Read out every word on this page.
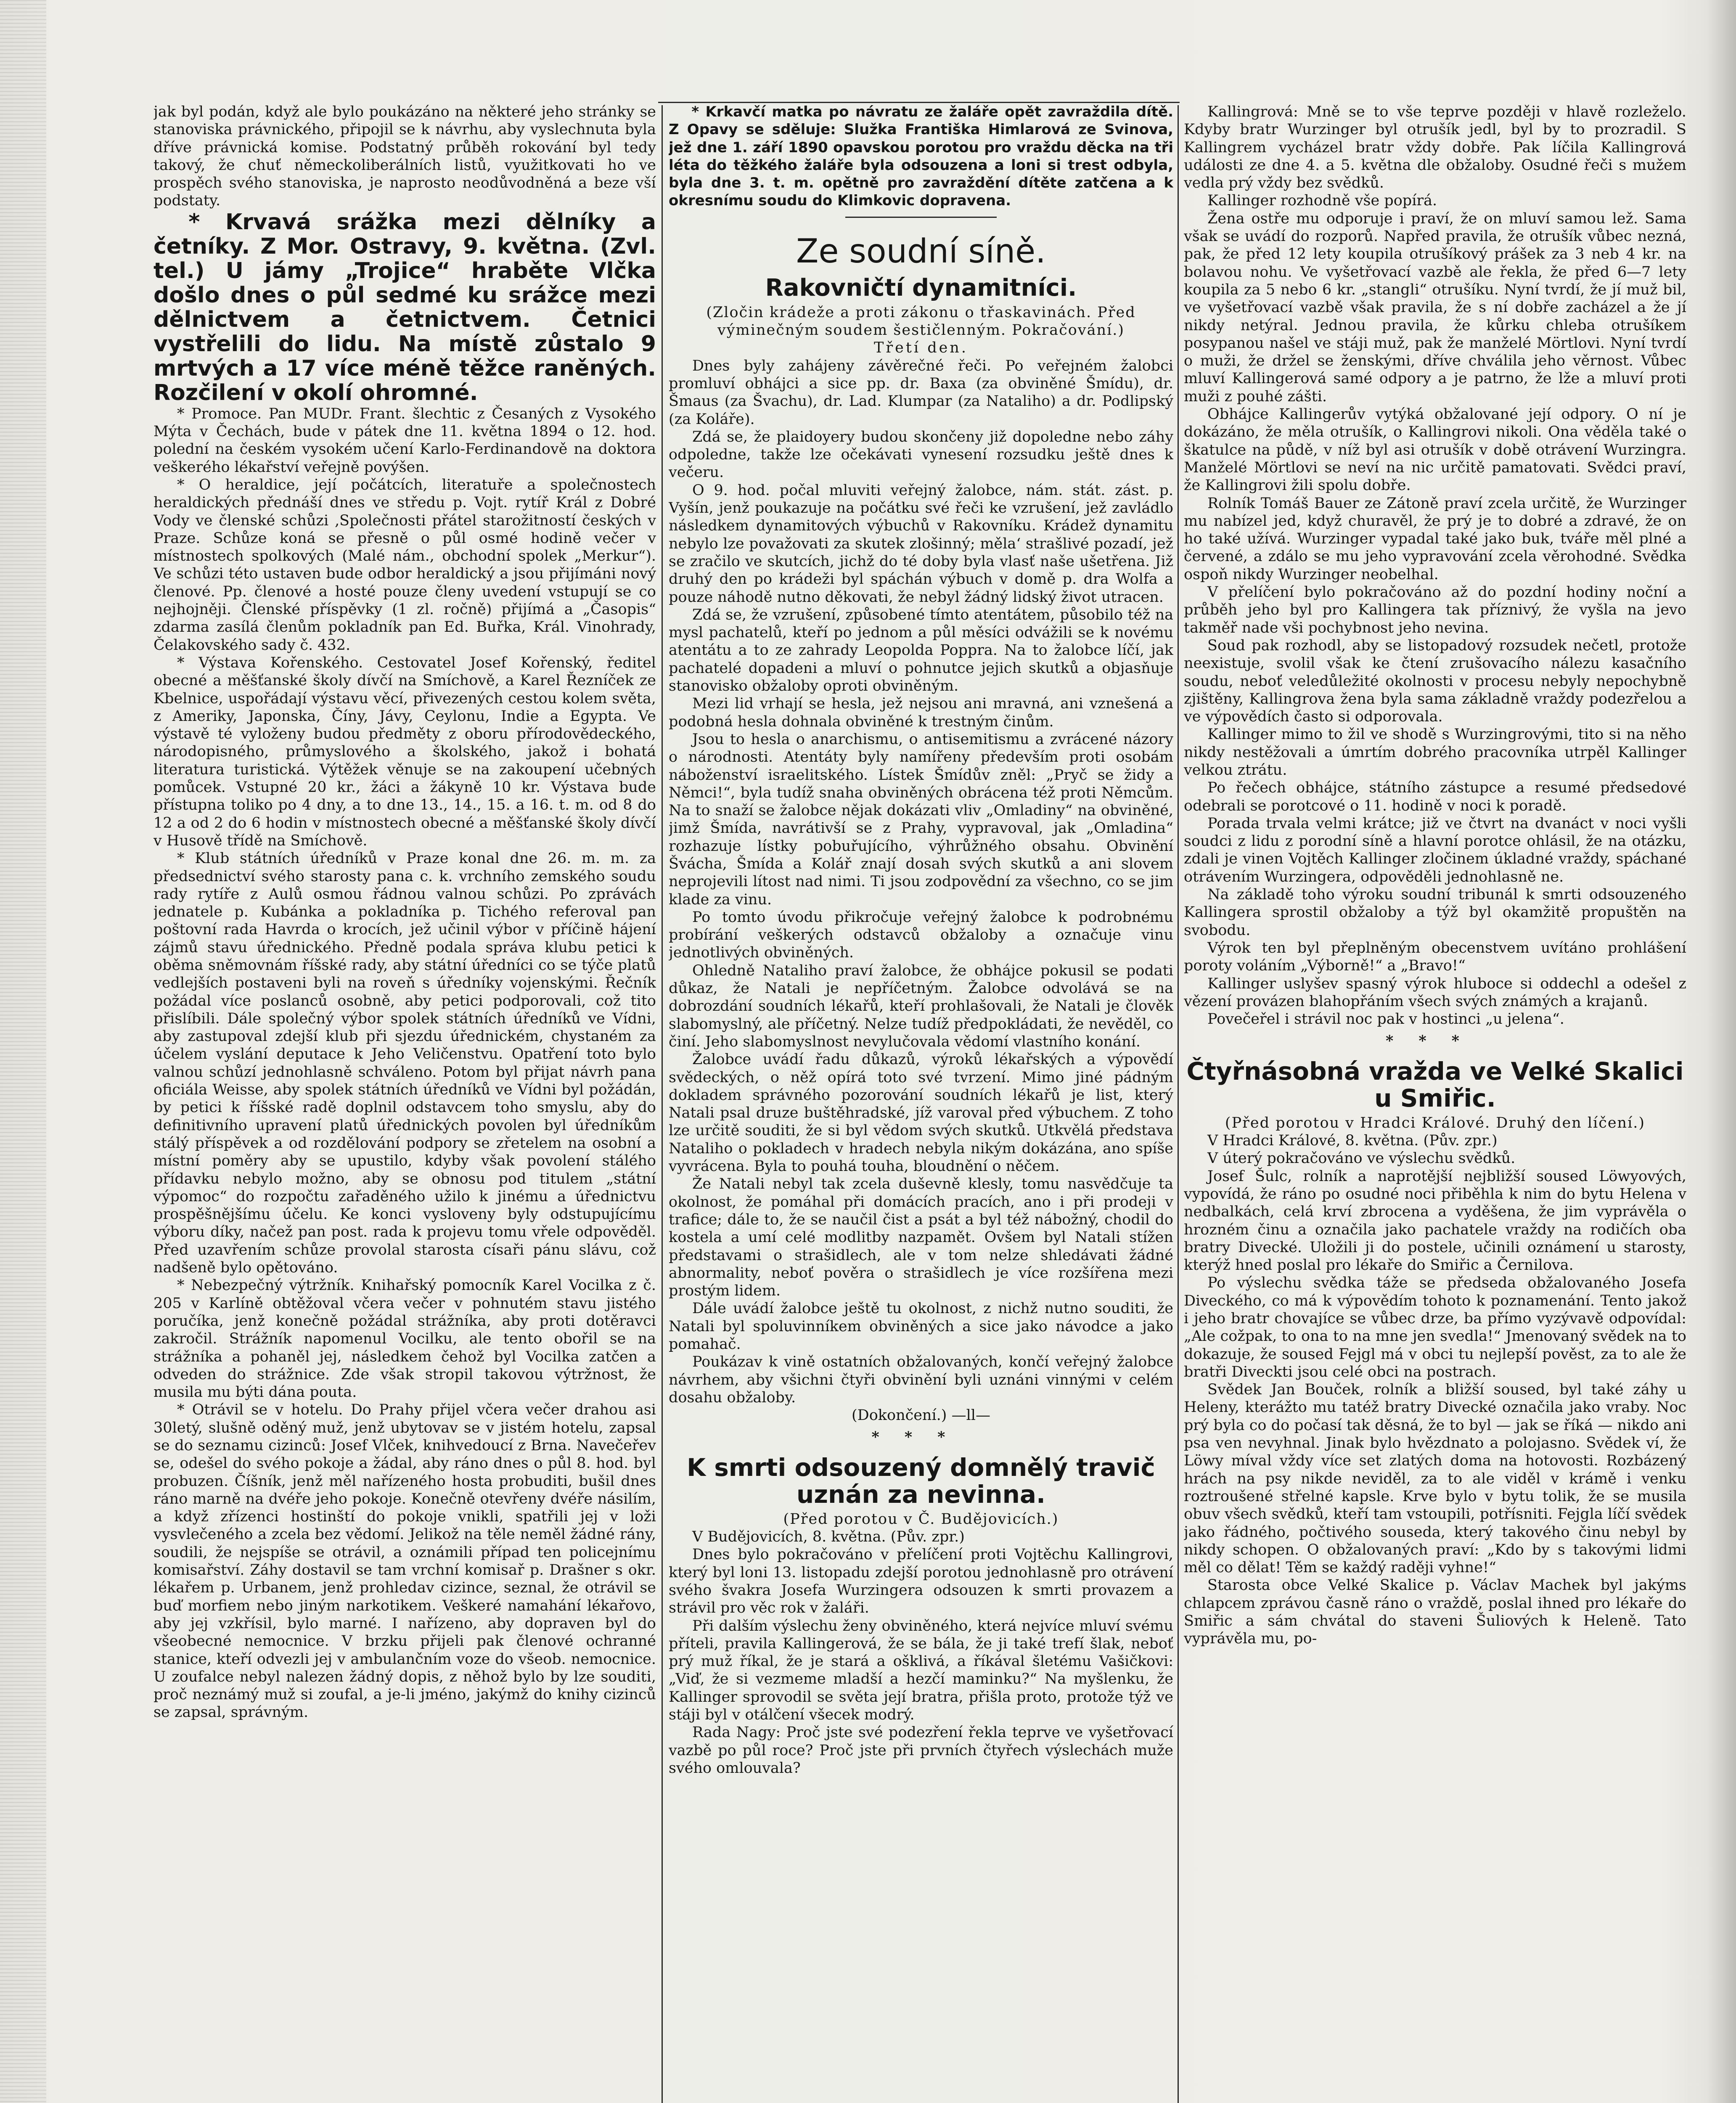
jak byl podán, když ale bylo poukázáno na některé jeho stránky se stanoviska právnického, připojil se k návrhu, aby vyslechnuta byla dříve právnická komise. Podstatný průběh rokování byl tedy takový, že chuť německoliberálních listů, využitkovati ho ve prospěch svého stanoviska, je naprosto neodůvodněná a beze vší podstaty.

* Krvavá srážka mezi dělníky a četníky. Z Mor. Ostravy, 9. května. (Zvl. tel.) U jámy „Trojice“ hraběte Vlčka došlo dnes o půl sedmé ku srážce mezi dělnictvem a četnictvem. Četnici vystřelili do lidu. Na místě zůstalo 9 mrtvých a 17 více méně těžce raněných. Rozčilení v okolí ohromné.

* Promoce. Pan MUDr. Frant. šlechtic z Česaných z Vysokého Mýta v Čechách, bude v pátek dne 11. května 1894 o 12. hod. polední na českém vysokém učení Karlo-Ferdinandově na doktora veškerého lékařství veřejně povýšen.

* O heraldice, její počátcích, literatuře a společnostech heraldických přednáší dnes ve středu p. Vojt. rytíř Král z Dobré Vody ve členské schůzi ‚Společnosti přátel starožitností českých v Praze. Schůze koná se přesně o půl osmé hodině večer v místnostech spolkových (Malé nám., obchodní spolek „Merkur“). Ve schůzi této ustaven bude odbor heraldický a jsou přijímáni nový členové. Pp. členové a hosté pouze členy uvedení vstupují se co nejhojněji. Členské příspěvky (1 zl. ročně) přijímá a „Časopis“ zdarma zasílá členům pokladník pan Ed. Buřka, Král. Vinohrady, Čelakovského sady č. 432.

* Výstava Kořenského. Cestovatel Josef Kořenský, ředitel obecné a měšťanské školy dívčí na Smíchově, a Karel Řezníček ze Kbelnice, uspořádají výstavu věcí, přivezených cestou kolem světa, z Ameriky, Japonska, Číny, Jávy, Ceylonu, Indie a Egypta. Ve výstavě té vyloženy budou předměty z oboru přírodovědeckého, národopisného, průmyslového a školského, jakož i bohatá literatura turistická. Výtěžek věnuje se na zakoupení učebných pomůcek. Vstupné 20 kr., žáci a žákyně 10 kr. Výstava bude přístupna toliko po 4 dny, a to dne 13., 14., 15. a 16. t. m. od 8 do 12 a od 2 do 6 hodin v místnostech obecné a měšťanské školy dívčí v Husově třídě na Smíchově.

* Klub státních úředníků v Praze konal dne 26. m. m. za předsednictví svého starosty pana c. k. vrchního zemského soudu rady rytíře z Aulů osmou řádnou valnou schůzi. Po zprávách jednatele p. Kubánka a pokladníka p. Tichého referoval pan poštovní rada Havrda o krocích, jež učinil výbor v příčině hájení zájmů stavu úřednického. Předně podala správa klubu petici k oběma sněmovnám říšské rady, aby státní úředníci co se týče platů vedlejších postaveni byli na roveň s úředníky vojenskými. Řečník požádal více poslanců osobně, aby petici podporovali, což tito přislíbili. Dále společný výbor spolek státních úředníků ve Vídni, aby zastupoval zdejší klub při sjezdu úřednickém, chystaném za účelem vyslání deputace k Jeho Veličenstvu. Opatření toto bylo valnou schůzí jednohlasně schváleno. Potom byl přijat návrh pana oficiála Weisse, aby spolek státních úředníků ve Vídni byl požádán, by petici k říšské radě doplnil odstavcem toho smyslu, aby do definitivního upravení platů úřednických povolen byl úředníkům stálý příspěvek a od rozdělování podpory se zřetelem na osobní a místní poměry aby se upustilo, kdyby však povolení stálého přídavku nebylo možno, aby se obnosu pod titulem „státní výpomoc“ do rozpočtu zařaděného užilo k jinému a úřednictvu prospěšnějšímu účelu. Ke konci vysloveny byly odstupujícímu výboru díky, načež pan post. rada k projevu tomu vřele odpověděl. Před uzavřením schůze provolal starosta císaři pánu slávu, což nadšeně bylo opětováno.

* Nebezpečný výtržník. Knihařský pomocník Karel Vocilka z č. 205 v Karlíně obtěžoval včera večer v pohnutém stavu jistého poručíka, jenž konečně požádal strážníka, aby proti dotěravci zakročil. Strážník napomenul Vocilku, ale tento obořil se na strážníka a pohaněl jej, následkem čehož byl Vocilka zatčen a odveden do strážnice. Zde však stropil takovou výtržnost, že musila mu býti dána pouta.

* Otrávil se v hotelu. Do Prahy přijel včera večer drahou asi 30letý, slušně oděný muž, jenž ubytovav se v jistém hotelu, zapsal se do seznamu cizinců: Josef Vlček, knihvedoucí z Brna. Navečeřev se, odešel do svého pokoje a žádal, aby ráno dnes o půl 8. hod. byl probuzen. Číšník, jenž měl nařízeného hosta probuditi, bušil dnes ráno marně na dvéře jeho pokoje. Konečně otevřeny dvéře násilím, a když zřízenci hostinští do pokoje vnikli, spatřili jej v loži vysvlečeného a zcela bez vědomí. Jelikož na těle neměl žádné rány, soudili, že nejspíše se otrávil, a oznámili případ ten policejnímu komisařství. Záhy dostavil se tam vrchní komisař p. Drašner s okr. lékařem p. Urbanem, jenž prohledav cizince, seznal, že otrávil se buď morfiem nebo jiným narkotikem. Veškeré namahání lékařovo, aby jej vzkřísil, bylo marné. I nařízeno, aby dopraven byl do všeobecné nemocnice. V brzku přijeli pak členové ochranné stanice, kteří odvezli jej v ambulančním voze do všeob. nemocnice. U zoufalce nebyl nalezen žádný dopis, z něhož bylo by lze souditi, proč neznámý muž si zoufal, a je-li jméno, jakýmž do knihy cizinců se zapsal, správným.

* Krkavčí matka po návratu ze žaláře opět zavraždila dítě. Z Opavy se sděluje: Služka Františka Himlarová ze Svinova, jež dne 1. září 1890 opavskou porotou pro vraždu děcka na tři léta do těžkého žaláře byla odsouzena a loni si trest odbyla, byla dne 3. t. m. opětně pro zavraždění dítěte zatčena a k okresnímu soudu do Klimkovic dopravena.

Ze soudní síně.
Rakovničtí dynamitníci.

(Zločin krádeže a proti zákonu o třaskavinách. Před výminečným soudem šestičlenným. Pokračování.)

Třetí den.

Dnes byly zahájeny závěrečné řeči. Po veřejném žalobci promluví obhájci a sice pp. dr. Baxa (za obviněné Šmídu), dr. Šmaus (za Švachu), dr. Lad. Klumpar (za Nataliho) a dr. Podlipský (za Koláře).

Zdá se, že plaidoyery budou skončeny již dopoledne nebo záhy odpoledne, takže lze očekávati vynesení rozsudku ještě dnes k večeru.

O 9. hod. počal mluviti veřejný žalobce, nám. stát. zást. p. Vyšín, jenž poukazuje na počátku své řeči ke vzrušení, jež zavládlo následkem dynamitových výbuchů v Rakovníku. Krádež dynamitu nebylo lze považovati za skutek zlošinný; měla‘ strašlivé pozadí, jež se zračilo ve skutcích, jichž do té doby byla vlasť naše ušetřena. Již druhý den po krádeži byl spáchán výbuch v domě p. dra Wolfa a pouze náhodě nutno děkovati, že nebyl žádný lidský život utracen.

Zdá se, že vzrušení, způsobené tímto atentátem, působilo též na mysl pachatelů, kteří po jednom a půl měsíci odvážili se k novému atentátu a to ze zahrady Leopolda Poppra. Na to žalobce líčí, jak pachatelé dopadeni a mluví o pohnutce jejich skutků a objasňuje stanovisko obžaloby oproti obviněným.

Mezi lid vrhají se hesla, jež nejsou ani mravná, ani vznešená a podobná hesla dohnala obviněné k trestným činům.

Jsou to hesla o anarchismu, o antisemitismu a zvrácené názory o národnosti. Atentáty byly namířeny především proti osobám náboženství israelitského. Lístek Šmídův zněl: „Pryč se židy a Němci!“, byla tudíž snaha obviněných obrácena též proti Němcům. Na to snaží se žalobce nějak dokázati vliv „Omladiny“ na obviněné, jimž Šmída, navrátivší se z Prahy, vypravoval, jak „Omladina“ rozhazuje lístky pobuřujícího, výhrůžného obsahu. Obvinění Švácha, Šmída a Kolář znají dosah svých skutků a ani slovem neprojevili lítost nad nimi. Ti jsou zodpovědní za všechno, co se jim klade za vinu.

Po tomto úvodu přikročuje veřejný žalobce k podrobnému probírání veškerých odstavců obžaloby a označuje vinu jednotlivých obviněných.

Ohledně Nataliho praví žalobce, že obhájce pokusil se podati důkaz, že Natali je nepříčetným. Žalobce odvolává se na dobrozdání soudních lékařů, kteří prohlašovali, že Natali je člověk slabomyslný, ale příčetný. Nelze tudíž předpokládati, že nevěděl, co činí. Jeho slabomyslnost nevylučovala vědomí vlastního konání.

Žalobce uvádí řadu důkazů, výroků lékařských a výpovědí svědeckých, o něž opírá toto své tvrzení. Mimo jiné pádným dokladem správného pozorování soudních lékařů je list, který Natali psal druze buštěhradské, jíž varoval před výbuchem. Z toho lze určitě souditi, že si byl vědom svých skutků. Utkvělá představa Nataliho o pokladech v hradech nebyla nikým dokázána, ano spíše vyvrácena. Byla to pouhá touha, bloudnění o něčem.

Že Natali nebyl tak zcela duševně klesly, tomu nasvědčuje ta okolnost, že pomáhal při domácích pracích, ano i při prodeji v trafice; dále to, že se naučil čist a psát a byl též nábožný, chodil do kostela a umí celé modlitby nazpamět. Ovšem byl Natali stížen představami o strašidlech, ale v tom nelze shledávati žádné abnormality, neboť pověra o strašidlech je více rozšířena mezi prostým lidem.

Dále uvádí žalobce ještě tu okolnost, z nichž nutno souditi, že Natali byl spoluvinníkem obviněných a sice jako návodce a jako pomahač.

Poukázav k vině ostatních obžalovaných, končí veřejný žalobce návrhem, aby všichni čtyři obvinění byli uznáni vinnými v celém dosahu obžaloby.

(Dokončení.) —ll—

***

K smrti odsouzený domnělý travič uznán za nevinna.

(Před porotou v Č. Budějovicích.)

V Budějovicích, 8. května. (Pův. zpr.)

Dnes bylo pokračováno v přelíčení proti Vojtěchu Kallingrovi, který byl loni 13. listopadu zdejší porotou jednohlasně pro otrávení svého švakra Josefa Wurzingera odsouzen k smrti provazem a strávil pro věc rok v žaláři.

Při dalším výslechu ženy obviněného, která nejvíce mluví svému příteli, pravila Kallingerová, že se bála, že ji také trefí šlak, neboť prý muž říkal, že je stará a ošklivá, a říkával šletému Vašičkovi: „Viď, že si vezmeme mladší a hezčí maminku?“ Na myšlenku, že Kallinger sprovodil se světa její bratra, přišla proto, protože týž ve stáji byl v otálčení všecek modrý.

Rada Nagy: Proč jste své podezření řekla teprve ve vyšetřovací vazbě po půl roce? Proč jste při prvních čtyřech výslechách muže svého omlouvala?

Kallingrová: Mně se to vše teprve později v hlavě rozleželo. Kdyby bratr Wurzinger byl otrušík jedl, byl by to prozradil. S Kallingrem vycházel bratr vždy dobře. Pak líčila Kallingrová události ze dne 4. a 5. května dle obžaloby. Osudné řeči s mužem vedla prý vždy bez svědků.

Kallinger rozhodně vše popírá.

Žena ostře mu odporuje i praví, že on mluví samou lež. Sama však se uvádí do rozporů. Napřed pravila, že otrušík vůbec nezná, pak, že před 12 lety koupila otrušíkový prášek za 3 neb 4 kr. na bolavou nohu. Ve vyšetřovací vazbě ale řekla, že před 6—7 lety koupila za 5 nebo 6 kr. „stangli“ otrušíku. Nyní tvrdí, že jí muž bil, ve vyšetřovací vazbě však pravila, že s ní dobře zacházel a že jí nikdy netýral. Jednou pravila, že kůrku chleba otrušíkem posypanou našel ve stáji muž, pak že manželé Mörtlovi. Nyní tvrdí o muži, že držel se ženskými, dříve chválila jeho věrnost. Vůbec mluví Kallingerová samé odpory a je patrno, že lže a mluví proti muži z pouhé zášti.

Obhájce Kallingerův vytýká obžalované její odpory. O ní je dokázáno, že měla otrušík, o Kallingrovi nikoli. Ona věděla také o škatulce na půdě, v níž byl asi otrušík v době otrávení Wurzingra. Manželé Mörtlovi se neví na nic určitě pamatovati. Svědci praví, že Kallingrovi žili spolu dobře.

Rolník Tomáš Bauer ze Zátoně praví zcela určitě, že Wurzinger mu nabízel jed, když churavěl, že prý je to dobré a zdravé, že on ho také užívá. Wurzinger vypadal také jako buk, tváře měl plné a červené, a zdálo se mu jeho vypravování zcela věrohodné. Svědka ospoň nikdy Wurzinger neobelhal.

V přelíčení bylo pokračováno až do pozdní hodiny noční a průběh jeho byl pro Kallingera tak příznivý, že vyšla na jevo takměř nade vši pochybnost jeho nevina.

Soud pak rozhodl, aby se listopadový rozsudek nečetl, protože neexistuje, svolil však ke čtení zrušovacího nálezu kasačního soudu, neboť veledůležité okolnosti v procesu nebyly nepochybně zjištěny, Kallingrova žena byla sama základně vraždy podezřelou a ve výpovědích často si odporovala.

Kallinger mimo to žil ve shodě s Wurzingrovými, tito si na něho nikdy nestěžovali a úmrtím dobrého pracovníka utrpěl Kallinger velkou ztrátu.

Po řečech obhájce, státního zástupce a resumé předsedové odebrali se porotcové o 11. hodině v noci k poradě.

Porada trvala velmi krátce; již ve čtvrt na dvanáct v noci vyšli soudci z lidu z porodní síně a hlavní porotce ohlásil, že na otázku, zdali je vinen Vojtěch Kallinger zločinem úkladné vraždy, spáchané otrávením Wurzingera, odpověděli jednohlasně ne.

Na základě toho výroku soudní tribunál k smrti odsouzeného Kallingera sprostil obžaloby a týž byl okamžitě propuštěn na svobodu.

Výrok ten byl přeplněným obecenstvem uvítáno prohlášení poroty voláním „Výborně!“ a „Bravo!“

Kallinger uslyšev spasný výrok hluboce si oddechl a odešel z vězení provázen blahopřáním všech svých známých a krajanů.

Povečeřel i strávil noc pak v hostinci „u jelena“.

***

Čtyřnásobná vražda ve Velké Skalici u Smiřic.

(Před porotou v Hradci Králové. Druhý den líčení.)

V Hradci Králové, 8. května. (Pův. zpr.)

V úterý pokračováno ve výslechu svědků.

Josef Šulc, rolník a naprotější nejbližší soused Löwyových, vypovídá, že ráno po osudné noci přiběhla k nim do bytu Helena v nedbalkách, celá krví zbrocena a vyděšena, že jim vyprávěla o hrozném činu a označila jako pachatele vraždy na rodičích oba bratry Divecké. Uložili ji do postele, učinili oznámení u starosty, kterýž hned poslal pro lékaře do Smiřic a Černilova.

Po výslechu svědka táže se předseda obžalovaného Josefa Diveckého, co má k výpovědím tohoto k poznamenání. Tento jakož i jeho bratr chovajíce se vůbec drze, ba přímo vyzývavě odpovídal: „Ale cožpak, to ona to na mne jen svedla!“ Jmenovaný svědek na to dokazuje, že soused Fejgl má v obci tu nejlepší pověst, za to ale že bratři Diveckti jsou celé obci na postrach.

Svědek Jan Bouček, rolník a bližší soused, byl také záhy u Heleny, kterážto mu tatéž bratry Divecké označila jako vraby. Noc prý byla co do počasí tak děsná, že to byl — jak se říká — nikdo ani psa ven nevyhnal. Jinak bylo hvězdnato a polojasno. Svědek ví, že Löwy míval vždy více set zlatých doma na hotovosti. Rozbázený hrách na psy nikde neviděl, za to ale viděl v krámě i venku roztroušené střelné kapsle. Krve bylo v bytu tolik, že se musila obuv všech svědků, kteří tam vstoupili, potřísniti. Fejgla líčí svědek jako řádného, počtivého souseda, který takového činu nebyl by nikdy schopen. O obžalovaných praví: „Kdo by s takovými lidmi měl co dělat! Těm se každý raději vyhne!“

Starosta obce Velké Skalice p. Václav Machek byl jakýms chlapcem zprávou časně ráno o vraždě, poslal ihned pro lékaře do Smiřic a sám chvátal do staveni Šuliových k Heleně. Tato vyprávěla mu, po-
